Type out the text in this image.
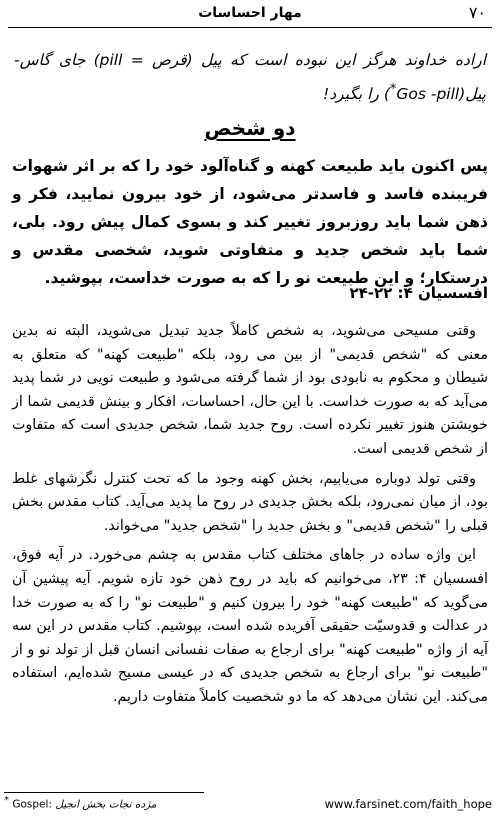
٧٠
مهار احساسات
اراده خداوند هرگز این نبوده است که پیل (pill = قرص) جای گاس- پیل(Gos -pill*) را بگیرد!
دو شخص
پس اکنون باید طبیعت کهنه و گناه‌آلود خود را که بر اثر شهوات فریبنده فاسد و فاسدتر می‌شود، از خود بیرون نمایید، فکر و ذهن شما باید روزبروز تغییر کند و بسوی کمال پیش رود. بلی، شما باید شخص جدید و متفاوتی شوید، شخصی مقدس و درستکار؛ و این طبیعت نو را که به صورت خداست، بپوشید.
افسسیان ۴: ۲۲-۲۴

وقتی مسیحی می‌شوید، به شخص کاملاً جدید تبدیل می‌شوید، البته نه بدین معنی که "شخص قدیمی" از بین می رود، بلکه "طبیعت کهنه" که متعلق به شیطان و محکوم به نابودی بود از شما گرفته می‌شود و طبیعت نویی در شما پدید می‌آید که به صورت خداست. با این حال، احساسات، افکار و بینش قدیمی شما از خویشتن هنوز تغییر نکرده است. روح جدید شما، شخص جدیدی است که متفاوت از شخص قدیمی است.

وقتی تولد دوباره می‌یابیم، بخش کهنه وجود ما که تحت کنترل نگرشهای غلط بود، از میان نمی‌رود، بلکه بخش جدیدی در روح ما پدید می‌آید. کتاب مقدس بخش قبلی را "شخص قدیمی" و بخش جدید را "شخص جدید" می‌خواند.

این واژه ساده در جاهای مختلف کتاب مقدس به چشم می‌خورد. در آیه فوق، افسسیان ۴: ۲۳، می‌خوانیم که باید در روح ذهن خود تازه شویم. آیه پیشین آن می‌گوید که "طبیعت کهنه" خود را بیرون کنیم و "طبیعت نو" را که به صورت خدا در عدالت و قدوسیّت حقیقی آفریده شده است، بپوشیم. کتاب مقدس در این سه آیه از واژه "طبیعت کهنه" برای ارجاع به صفات نفسانی انسان قبل از تولد نو و از "طبیعت نو" برای ارجاع به شخص جدیدی که در عیسی مسیح شده‌ایم، استفاده می‌کند. این نشان می‌دهد که ما دو شخصیت کاملاً متفاوت داریم.

* Gospel: مژده نجات بخش انجیل	www.farsinet.com/faith_hope
